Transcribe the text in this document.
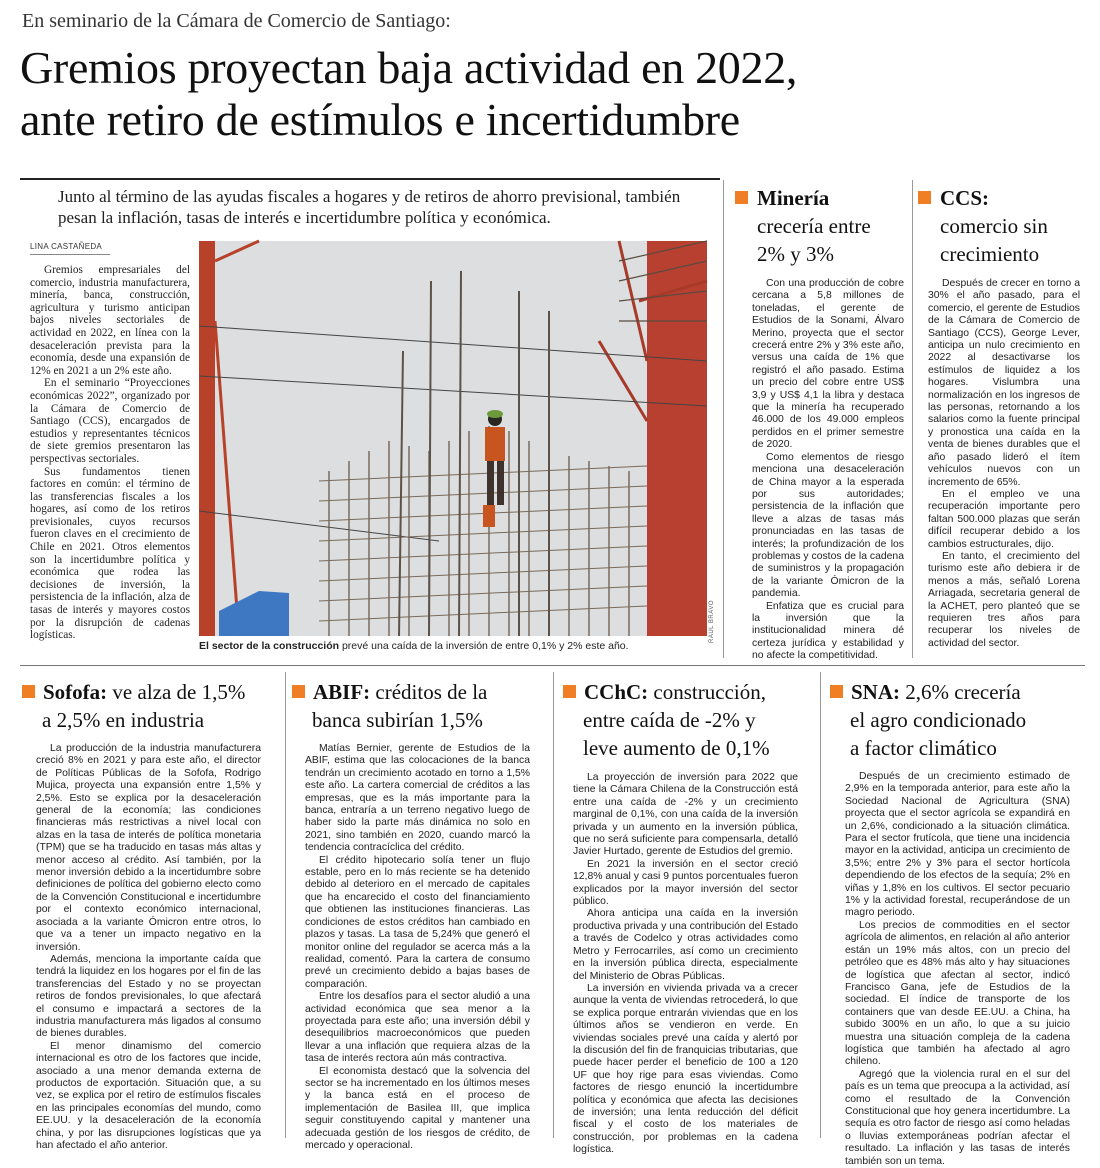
En seminario de la Cámara de Comercio de Santiago:
Gremios proyectan baja actividad en 2022,
ante retiro de estímulos e incertidumbre
Junto al término de las ayudas fiscales a hogares y de retiros de ahorro previsional, también pesan la inflación, tasas de interés e incertidumbre política y económica.
LINA CASTAÑEDA

Gremios empresariales del comercio, industria manufacturera, minería, banca, construcción, agricultura y turismo anticipan bajos niveles sectoriales de actividad en 2022, en línea con la desaceleración prevista para la economía, desde una expansión de 12% en 2021 a un 2% este año.

En el seminario “Proyecciones económicas 2022”, organizado por la Cámara de Comercio de Santiago (CCS), encargados de estudios y representantes técnicos de siete gremios presentaron las perspectivas sectoriales.

Sus fundamentos tienen factores en común: el término de las transferencias fiscales a los hogares, así como de los retiros previsionales, cuyos recursos fueron claves en el crecimiento de Chile en 2021. Otros elementos son la incertidumbre política y económica que rodea las decisiones de inversión, la persistencia de la inflación, alza de tasas de interés y mayores costos por la disrupción de cadenas logísticas.	RAÚL BRAVO
El sector de la construcción prevé una caída de la inversión de entre 0,1% y 2% este año.
Minería
crecería entre
2% y 3%

Con una producción de cobre cercana a 5,8 millones de toneladas, el gerente de Estudios de la Sonami, Álvaro Merino, proyecta que el sector crecerá entre 2% y 3% este año, versus una caída de 1% que registró el año pasado. Estima un precio del cobre entre US$ 3,9 y US$ 4,1 la libra y destaca que la minería ha recuperado 46.000 de los 49.000 empleos perdidos en el primer semestre de 2020.

Como elementos de riesgo menciona una desaceleración de China mayor a la esperada por sus autoridades; persistencia de la inflación que lleve a alzas de tasas más pronunciadas en las tasas de interés; la profundización de los problemas y costos de la cadena de suministros y la propagación de la variante Ómicron de la pandemia.

Enfatiza que es crucial para la inversión que la institucionalidad minera dé certeza jurídica y estabilidad y no afecte la competitividad.

CCS:
comercio sin
crecimiento

Después de crecer en torno a 30% el año pasado, para el comercio, el gerente de Estudios de la Cámara de Comercio de Santiago (CCS), George Lever, anticipa un nulo crecimiento en 2022 al desactivarse los estímulos de liquidez a los hogares. Vislumbra una normalización en los ingresos de las personas, retornando a los salarios como la fuente principal y pronostica una caída en la venta de bienes durables que el año pasado lideró el ítem vehículos nuevos con un incremento de 65%.

En el empleo ve una recuperación importante pero faltan 500.000 plazas que serán difícil recuperar debido a los cambios estructurales, dijo.

En tanto, el crecimiento del turismo este año debiera ir de menos a más, señaló Lorena Arriagada, secretaria general de la ACHET, pero planteó que se requieren tres años para recuperar los niveles de actividad del sector.

Sofofa: ve alza de 1,5%
a 2,5% en industria
ABIF: créditos de la
banca subirían 1,5%
CChC: construcción,
entre caída de -2% y
leve aumento de 0,1%
SNA: 2,6% crecería
el agro condicionado
a factor climático

La producción de la industria manufacturera creció 8% en 2021 y para este año, el director de Políticas Públicas de la Sofofa, Rodrigo Mujica, proyecta una expansión entre 1,5% y 2,5%. Esto se explica por la desaceleración general de la economía; las condiciones financieras más restrictivas a nivel local con alzas en la tasa de interés de política monetaria (TPM) que se ha traducido en tasas más altas y menor acceso al crédito. Así también, por la menor inversión debido a la incertidumbre sobre definiciones de política del gobierno electo como de la Convención Constitucional e incertidumbre por el contexto económico internacional, asociada a la variante Ómicron entre otros, lo que va a tener un impacto negativo en la inversión.

Además, menciona la importante caída que tendrá la liquidez en los hogares por el fin de las transferencias del Estado y no se proyectan retiros de fondos previsionales, lo que afectará el consumo e impactará a sectores de la industria manufacturera más ligados al consumo de bienes durables.

El menor dinamismo del comercio internacional es otro de los factores que incide, asociado a una menor demanda externa de productos de exportación. Situación que, a su vez, se explica por el retiro de estímulos fiscales en las principales economías del mundo, como EE.UU. y la desaceleración de la economía china, y por las disrupciones logísticas que ya han afectado el año anterior.

Matías Bernier, gerente de Estudios de la ABIF, estima que las colocaciones de la banca tendrán un crecimiento acotado en torno a 1,5% este año. La cartera comercial de créditos a las empresas, que es la más importante para la banca, entraría a un terreno negativo luego de haber sido la parte más dinámica no solo en 2021, sino también en 2020, cuando marcó la tendencia contracíclica del crédito.

El crédito hipotecario solía tener un flujo estable, pero en lo más reciente se ha detenido debido al deterioro en el mercado de capitales que ha encarecido el costo del financiamiento que obtienen las instituciones financieras. Las condiciones de estos créditos han cambiado en plazos y tasas. La tasa de 5,24% que generó el monitor online del regulador se acerca más a la realidad, comentó. Para la cartera de consumo prevé un crecimiento debido a bajas bases de comparación.

Entre los desafíos para el sector aludió a una actividad económica que sea menor a la proyectada para este año; una inversión débil y desequilibrios macroeconómicos que pueden llevar a una inflación que requiera alzas de la tasa de interés rectora aún más contractiva.

El economista destacó que la solvencia del sector se ha incrementado en los últimos meses y la banca está en el proceso de implementación de Basilea III, que implica seguir constituyendo capital y mantener una adecuada gestión de los riesgos de crédito, de mercado y operacional.

La proyección de inversión para 2022 que tiene la Cámara Chilena de la Construcción está entre una caída de -2% y un crecimiento marginal de 0,1%, con una caída de la inversión privada y un aumento en la inversión pública, que no será suficiente para compensarla, detalló Javier Hurtado, gerente de Estudios del gremio.

En 2021 la inversión en el sector creció 12,8% anual y casi 9 puntos porcentuales fueron explicados por la mayor inversión del sector público.

Ahora anticipa una caída en la inversión productiva privada y una contribución del Estado a través de Codelco y otras actividades como Metro y Ferrocarriles, así como un crecimiento en la inversión pública directa, especialmente del Ministerio de Obras Públicas.

La inversión en vivienda privada va a crecer aunque la venta de viviendas retrocederá, lo que se explica porque entrarán viviendas que en los últimos años se vendieron en verde. En viviendas sociales prevé una caída y alertó por la discusión del fin de franquicias tributarias, que puede hacer perder el beneficio de 100 a 120 UF que hoy rige para esas viviendas. Como factores de riesgo enunció la incertidumbre política y económica que afecta las decisiones de inversión; una lenta reducción del déficit fiscal y el costo de los materiales de construcción, por problemas en la cadena logística.

Después de un crecimiento estimado de 2,9% en la temporada anterior, para este año la Sociedad Nacional de Agricultura (SNA) proyecta que el sector agrícola se expandirá en un 2,6%, condicionado a la situación climática. Para el sector frutícola, que tiene una incidencia mayor en la actividad, anticipa un crecimiento de 3,5%; entre 2% y 3% para el sector hortícola dependiendo de los efectos de la sequía; 2% en viñas y 1,8% en los cultivos. El sector pecuario 1% y la actividad forestal, recuperándose de un magro periodo.

Los precios de commodities en el sector agrícola de alimentos, en relación al año anterior están un 19% más altos, con un precio del petróleo que es 48% más alto y hay situaciones de logística que afectan al sector, indicó Francisco Gana, jefe de Estudios de la sociedad. El índice de transporte de los containers que van desde EE.UU. a China, ha subido 300% en un año, lo que a su juicio muestra una situación compleja de la cadena logística que también ha afectado al agro chileno.

Agregó que la violencia rural en el sur del país es un tema que preocupa a la actividad, así como el resultado de la Convención Constitucional que hoy genera incertidumbre. La sequía es otro factor de riesgo así como heladas o lluvias extemporáneas podrían afectar el resultado. La inflación y las tasas de interés también son un tema.
